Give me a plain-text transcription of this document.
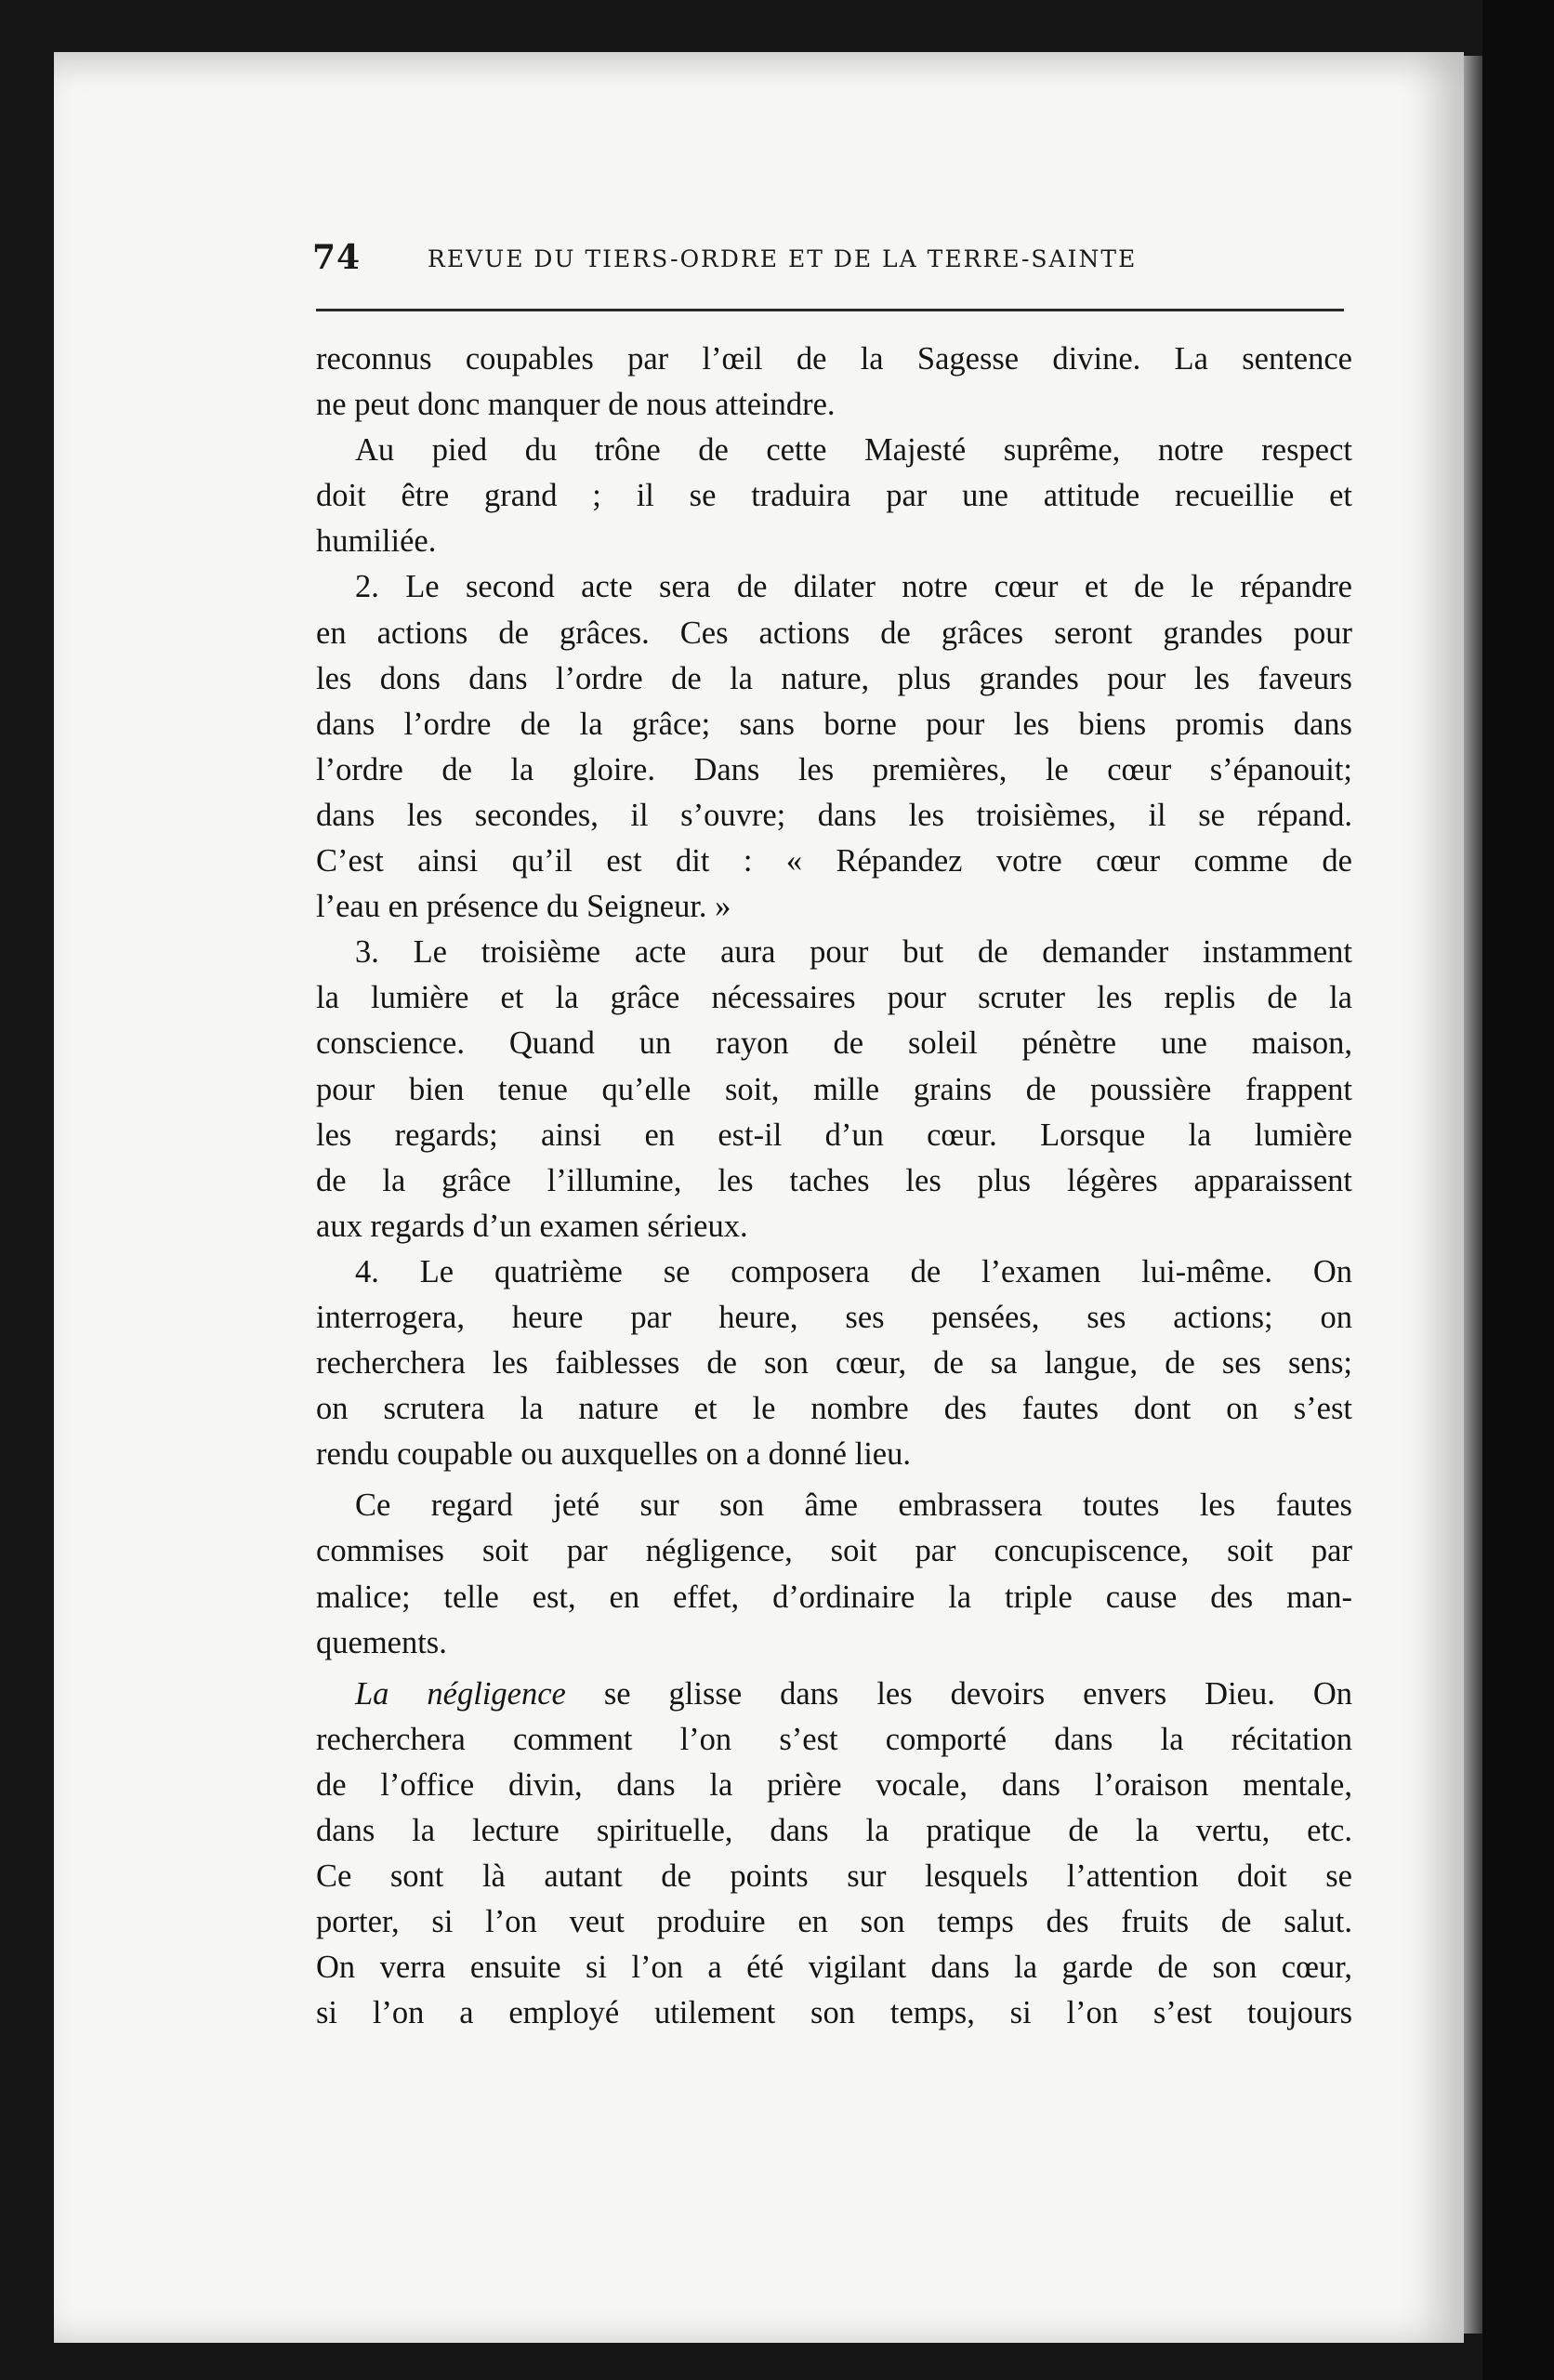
74	REVUE DU TIERS-ORDRE ET DE LA TERRE-SAINTE
reconnus coupables par l’œil de la Sagesse divine. La sentence
ne peut donc manquer de nous atteindre.
Au pied du trône de cette Majesté suprême, notre respect
doit être grand ; il se traduira par une attitude recueillie et
humiliée.
2. Le second acte sera de dilater notre cœur et de le répandre
en actions de grâces. Ces actions de grâces seront grandes pour
les dons dans l’ordre de la nature, plus grandes pour les faveurs
dans l’ordre de la grâce; sans borne pour les biens promis dans
l’ordre de la gloire. Dans les premières, le cœur s’épanouit;
dans les secondes, il s’ouvre; dans les troisièmes, il se répand.
C’est ainsi qu’il est dit : « Répandez votre cœur comme de
l’eau en présence du Seigneur. »
3. Le troisième acte aura pour but de demander instamment
la lumière et la grâce nécessaires pour scruter les replis de la
conscience. Quand un rayon de soleil pénètre une maison,
pour bien tenue qu’elle soit, mille grains de poussière frappent
les regards; ainsi en est-il d’un cœur. Lorsque la lumière
de la grâce l’illumine, les taches les plus légères apparaissent
aux regards d’un examen sérieux.
4. Le quatrième se composera de l’examen lui-même. On
interrogera, heure par heure, ses pensées, ses actions; on
recherchera les faiblesses de son cœur, de sa langue, de ses sens;
on scrutera la nature et le nombre des fautes dont on s’est
rendu coupable ou auxquelles on a donné lieu.
Ce regard jeté sur son âme embrassera toutes les fautes
commises soit par négligence, soit par concupiscence, soit par
malice; telle est, en effet, d’ordinaire la triple cause des man-
quements.
La négligence se glisse dans les devoirs envers Dieu. On
recherchera comment l’on s’est comporté dans la récitation
de l’office divin, dans la prière vocale, dans l’oraison mentale,
dans la lecture spirituelle, dans la pratique de la vertu, etc.
Ce sont là autant de points sur lesquels l’attention doit se
porter, si l’on veut produire en son temps des fruits de salut.
On verra ensuite si l’on a été vigilant dans la garde de son cœur,
si l’on a employé utilement son temps, si l’on s’est toujours
